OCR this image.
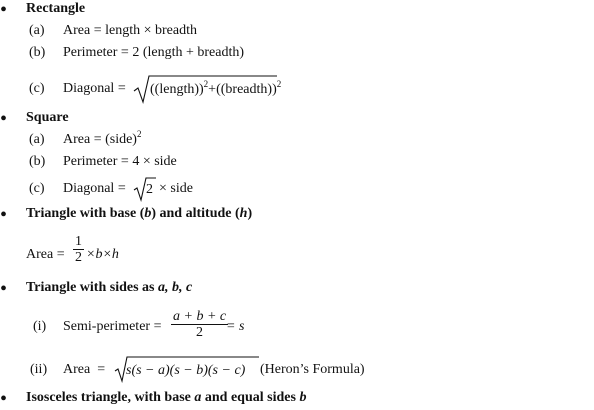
• Rectangle
(a) Area = length × breadth
(b) Perimeter = 2 (length + breadth)
(c) Diagonal = ((length))$^2$+((breadth))$^2$
• Square
(a) Area = (side)$^2$
(b) Perimeter = 4 × side
(c) Diagonal = 2 × side
• Triangle with base (b) and altitude (h)
Area = $\frac{1}{2} \times b\times h$
• Triangle with sides as a, b, c
(i) Semi-perimeter = $\frac{a + b + c}{2}$
= s
(ii) Area  = s(s − a)(s − b)(s − c) (Heron’s Formula)
• Isosceles triangle, with base a and equal sides b
